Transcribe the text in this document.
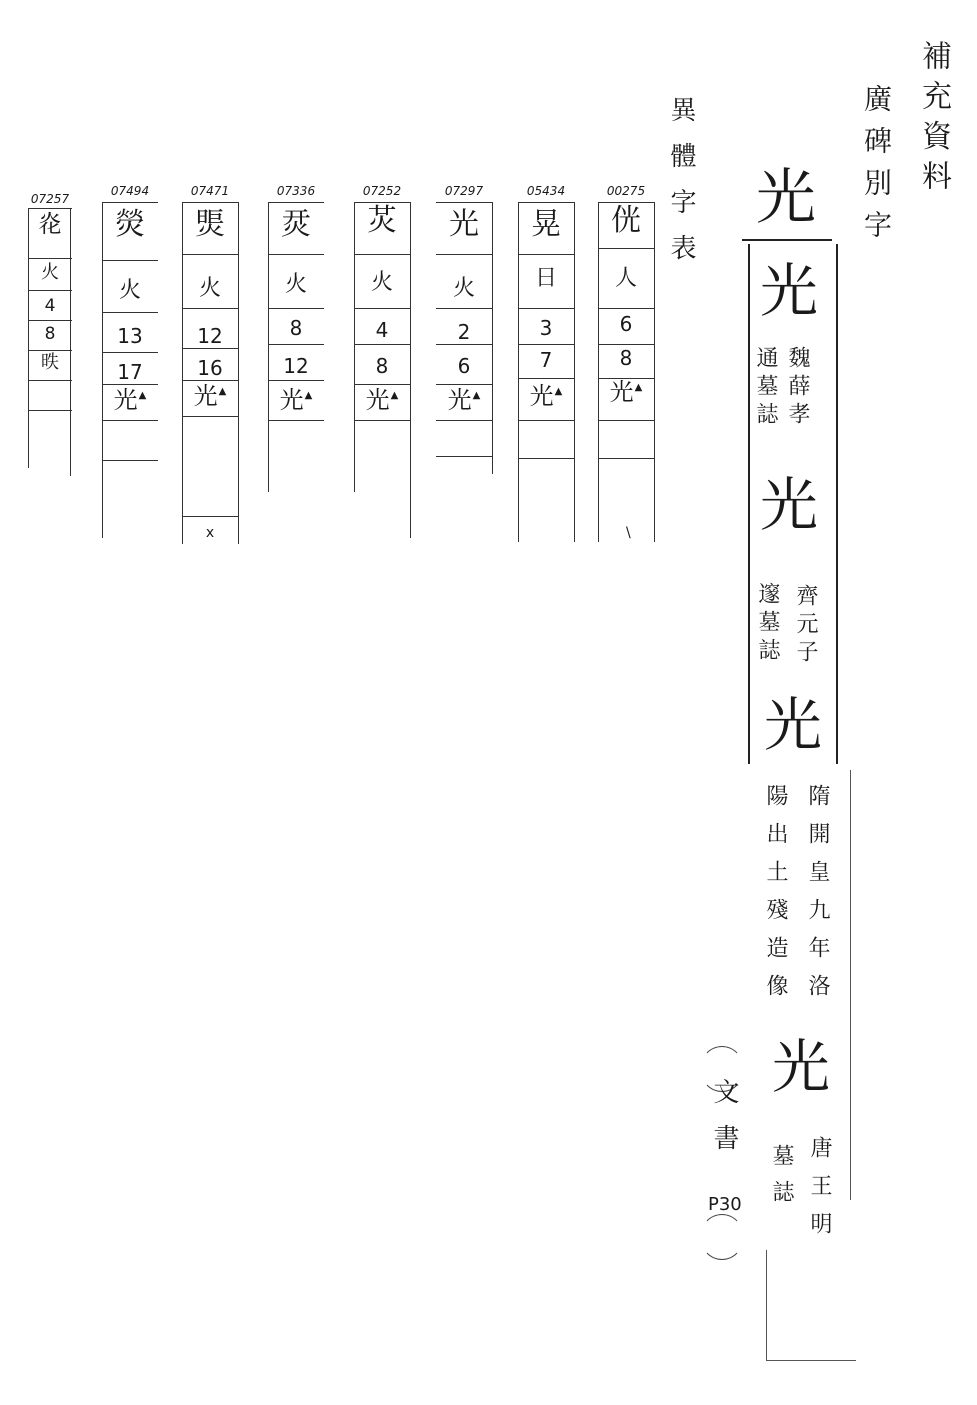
補充資料
廣碑別字
異體字表
00275
侊
人
6
8
光▲
\
05434
晃
日
3
7
光▲
07297
光
火
2
6
光▲
07252
炗
火
4
8
光▲
07336
烎
火
8
12
光▲
07471
煚
火
12
16
光▲
x
07494
熒
火
13
17
光▲
07257
炛
火
4
8
昳
光
光
魏薛孝
通墓誌
光
齊元子
邃墓誌
光
隋開皇九年洛
陽出土殘造像
光
唐王明
墓誌
文書
P30
